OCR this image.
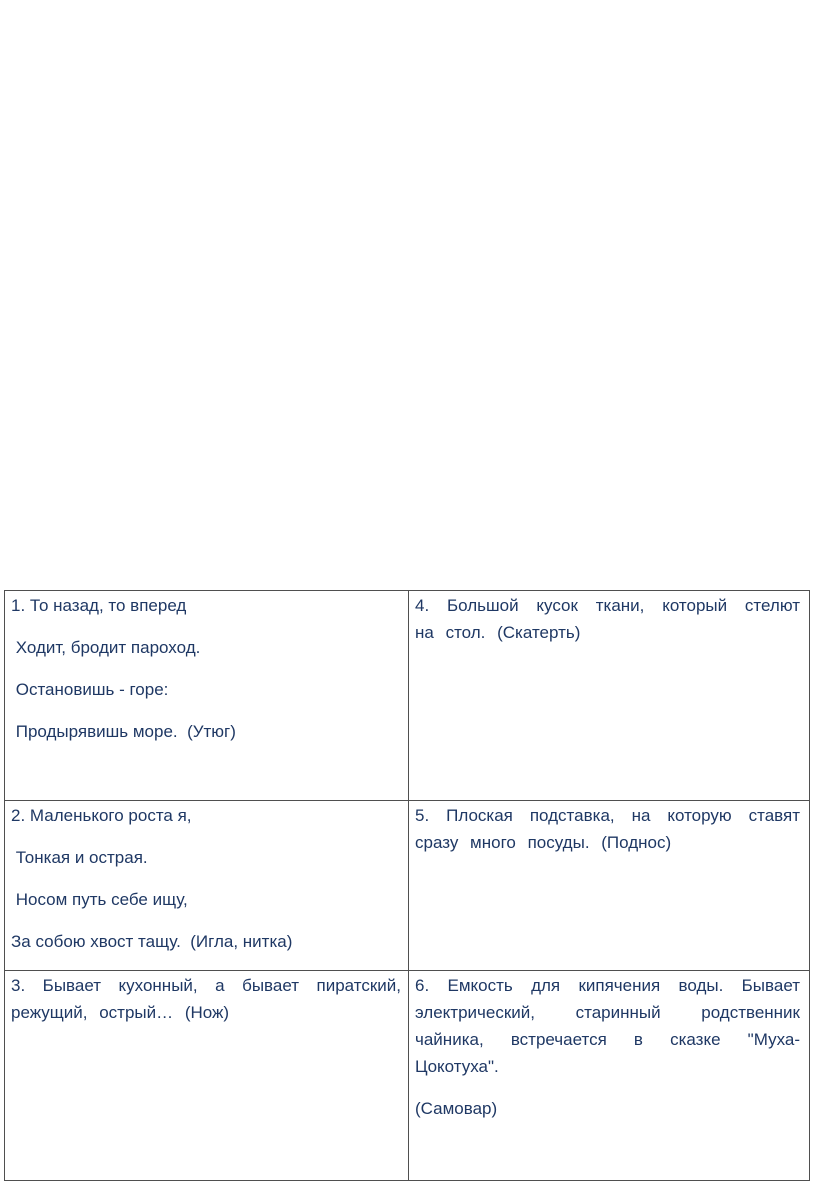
1. То назад, то вперед

Ходит, бродит пароход.

Остановишь - горе:

Продырявишь море.  (Утюг)	4. Большой кусок ткани, который стелют на стол. (Скатерть)

2. Маленького роста я,

Тонкая и острая.

Носом путь себе ищу,

За собою хвост тащу.  (Игла, нитка)	5. Плоская подставка, на которую ставят сразу много посуды. (Поднос)

3. Бывает кухонный, а бывает пиратский, режущий, острый… (Нож)	6. Емкость для кипячения воды. Бывает электрический, старинный родственник чайника, встречается в сказке "Муха-Цокотуха".

(Самовар)
